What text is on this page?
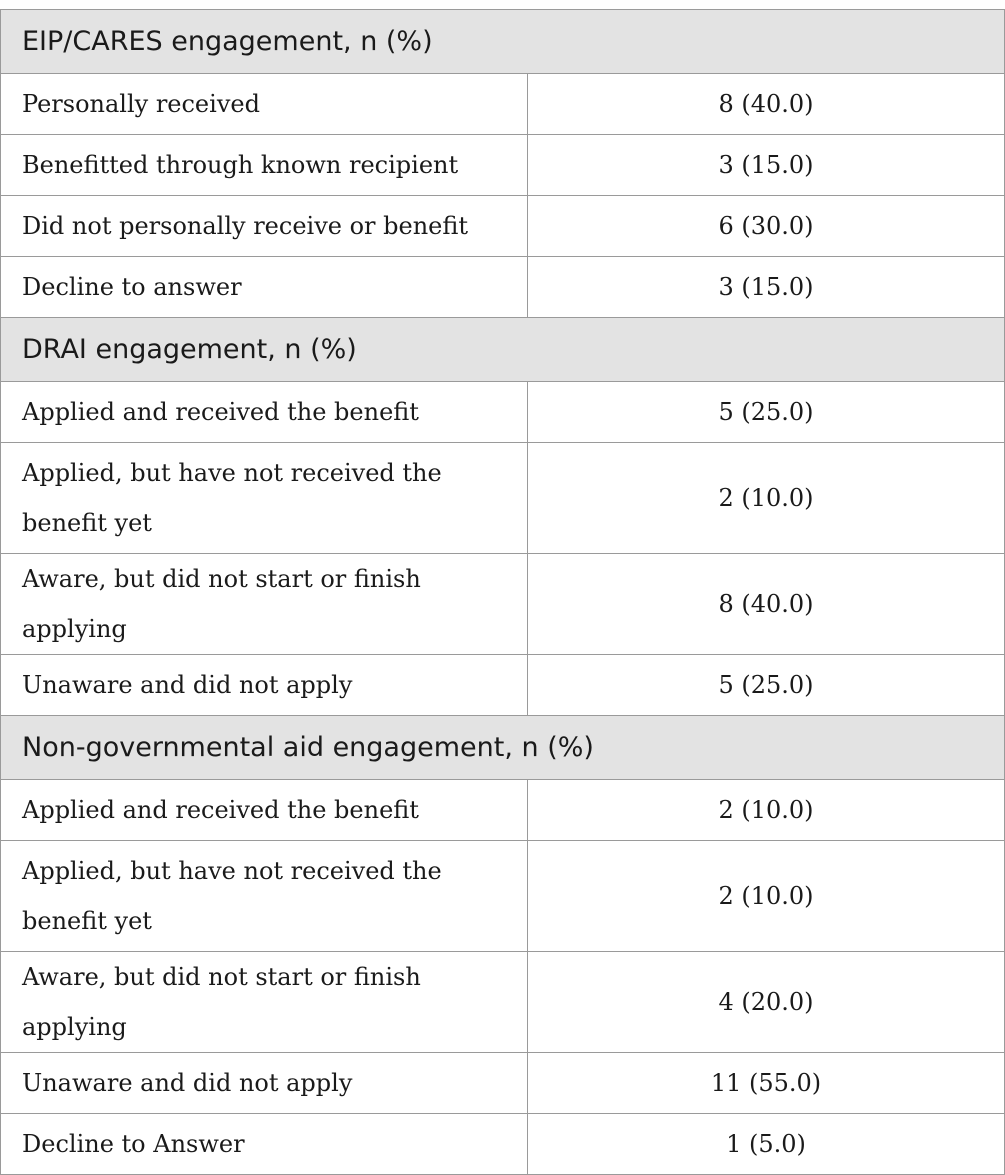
EIP/CARES engagement, n (%)	
Personally received	8 (40.0)
Benefitted through known recipient	3 (15.0)
Did not personally receive or benefit	6 (30.0)
Decline to answer	3 (15.0)
DRAI engagement, n (%)	
Applied and received the benefit	5 (25.0)
Applied, but have not received the benefit yet	2 (10.0)
Aware, but did not start or finish applying	8 (40.0)
Unaware and did not apply	5 (25.0)
Non-governmental aid engagement, n (%)	
Applied and received the benefit	2 (10.0)
Applied, but have not received the benefit yet	2 (10.0)
Aware, but did not start or finish applying	4 (20.0)
Unaware and did not apply	11 (55.0)
Decline to Answer	1 (5.0)
